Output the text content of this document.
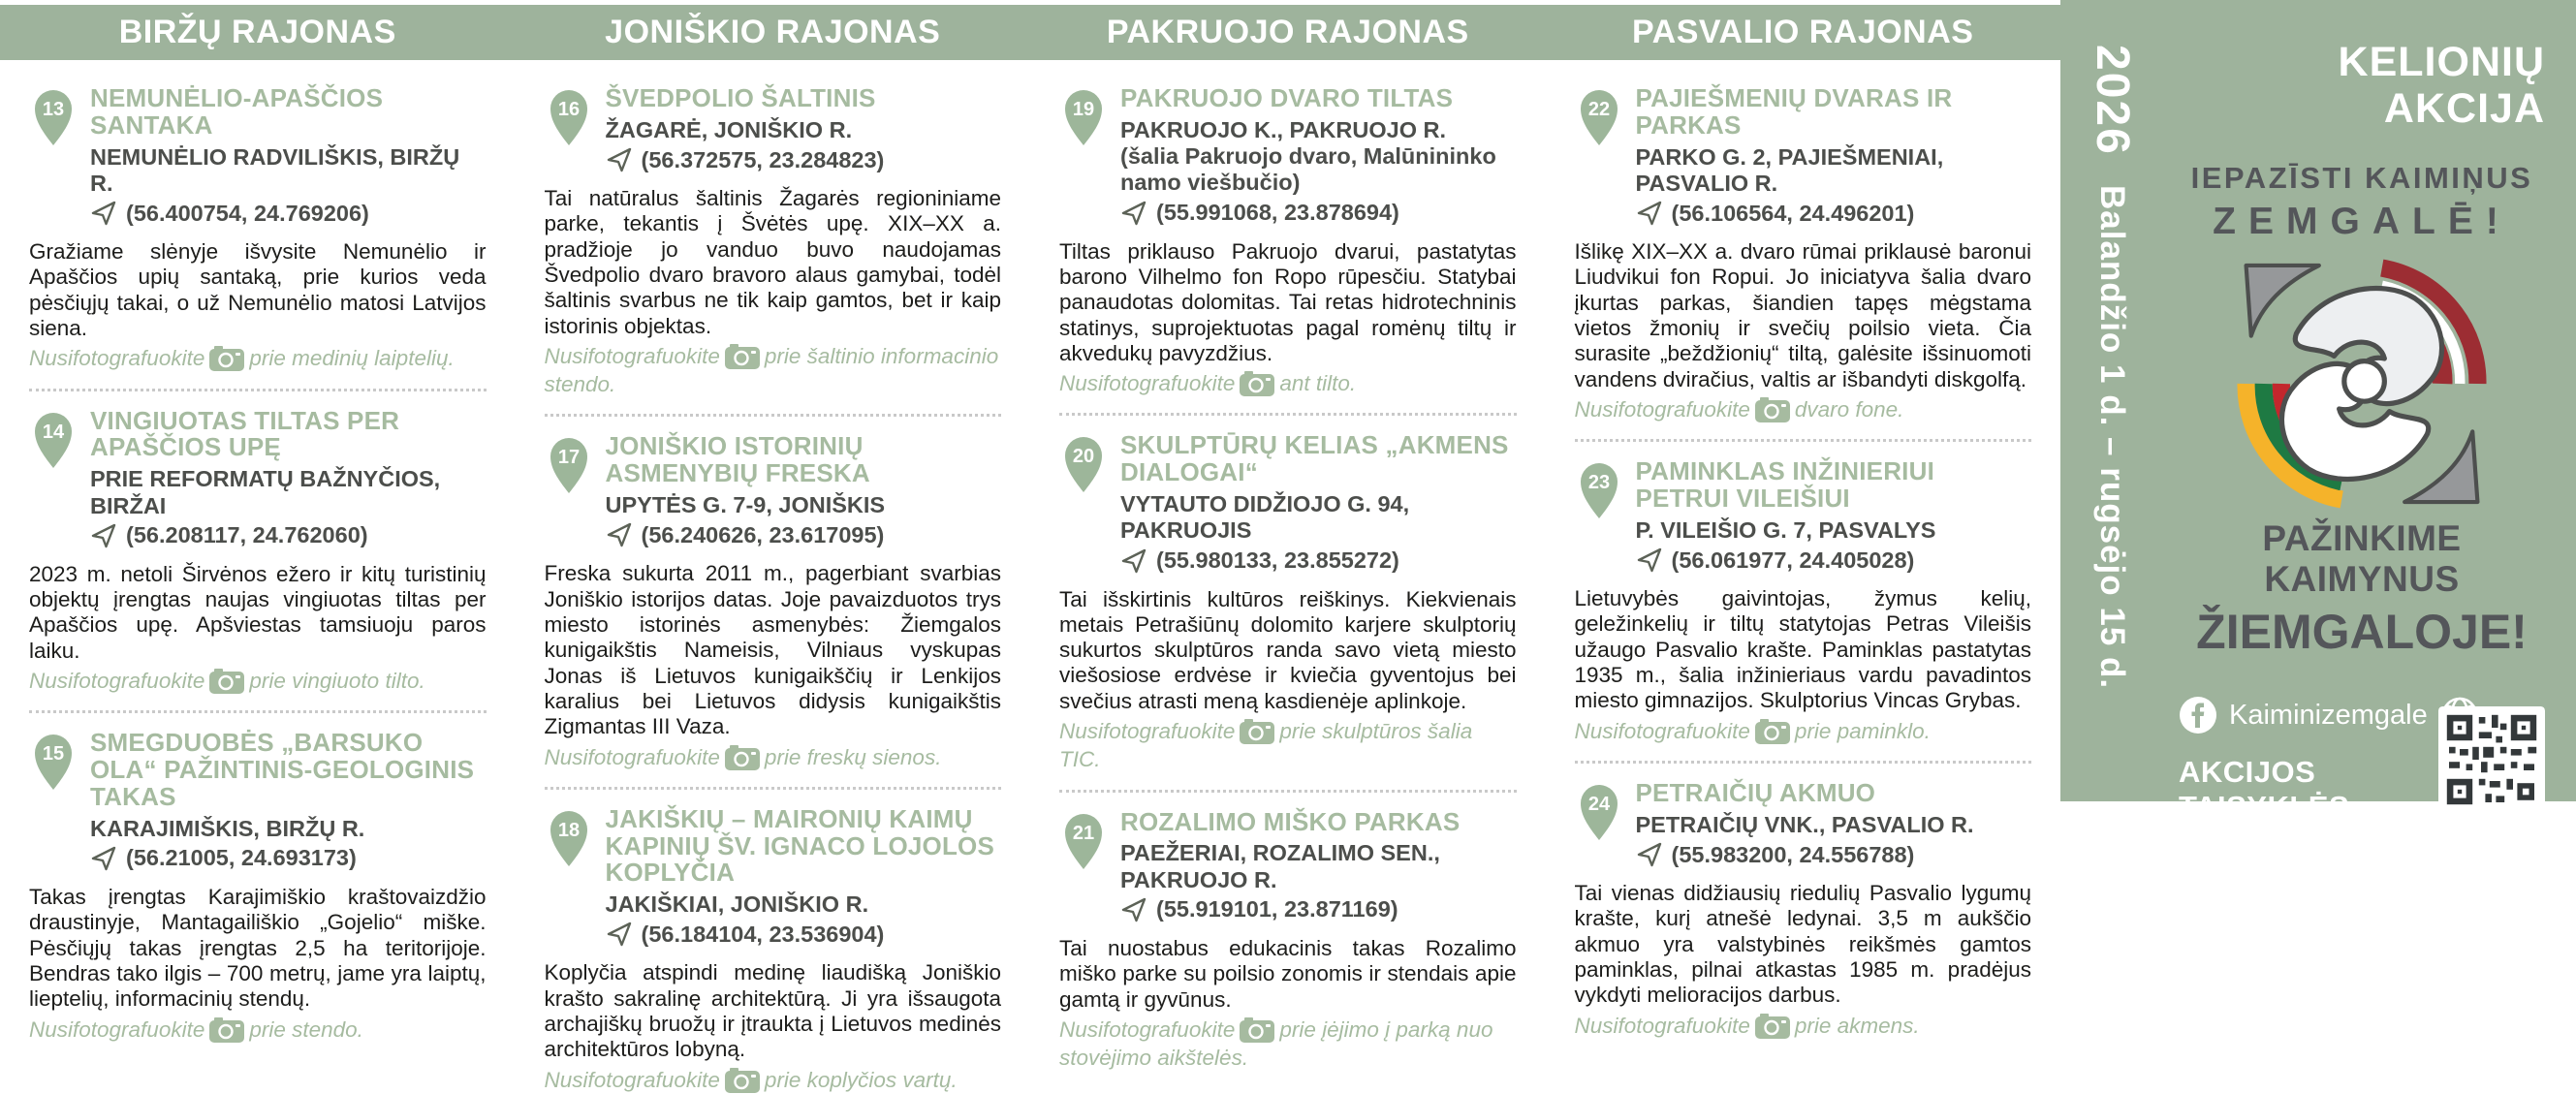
BIRŽŲ RAJONAS	JONIŠKIO RAJONAS	PAKRUOJO RAJONAS	PASVALIO RAJONAS
13 NEMUNĖLIO-APAŠČIOS SANTAKA
NEMUNĖLIO RADVILIŠKIS, BIRŽŲ R.
(56.400754, 24.769206)

Gražiame slėnyje išvysite Nemunėlio ir Apaščios upių santaką, prie kurios veda pėsčiųjų takai, o už Nemunėlio matosi Latvijos siena.

Nusifotografuokite prie medinių laiptelių.
14 VINGIUOTAS TILTAS PER APAŠČIOS UPĘ
PRIE REFORMATŲ BAŽNYČIOS, BIRŽAI
(56.208117, 24.762060)

2023 m. netoli Širvėnos ežero ir kitų turistinių objektų įrengtas naujas vingiuotas tiltas per Apaščios upę. Apšviestas tamsiuoju paros laiku.

Nusifotografuokite prie vingiuoto tilto.
15 SMEGDUOBĖS „BARSUKO OLA“ PAŽINTINIS-GEOLOGINIS TAKAS
KARAJIMIŠKIS, BIRŽŲ R.
(56.21005, 24.693173)

Takas įrengtas Karajimiškio kraštovaizdžio draustinyje, Mantagailiškio „Gojelio“ miške. Pėsčiųjų takas įrengtas 2,5 ha teritorijoje. Bendras tako ilgis – 700 metrų, jame yra laiptų, lieptelių, informacinių stendų.

Nusifotografuokite prie stendo.
16 ŠVEDPOLIO ŠALTINIS
ŽAGARĖ, JONIŠKIO R.
(56.372575, 23.284823)

Tai natūralus šaltinis Žagarės regioniniame parke, tekantis į Švėtės upę. XIX–XX a. pradžioje jo vanduo buvo naudojamas Švedpolio dvaro bravoro alaus gamybai, todėl šaltinis svarbus ne tik kaip gamtos, bet ir kaip istorinis objektas.

Nusifotografuokite prie šaltinio informacinio stendo.
17 JONIŠKIO ISTORINIŲ ASMENYBIŲ FRESKA
UPYTĖS G. 7-9, JONIŠKIS
(56.240626, 23.617095)

Freska sukurta 2011 m., pagerbiant svarbias Joniškio istorijos datas. Joje pavaizduotos trys miesto istorinės asmenybės: Žiemgalos kunigaikštis Nameisis, Vilniaus vyskupas Jonas iš Lietuvos kunigaikščių ir Lenkijos karalius bei Lietuvos didysis kunigaikštis Zigmantas III Vaza.

Nusifotografuokite prie freskų sienos.
18 JAKIŠKIŲ – MAIRONIŲ KAIMŲ KAPINIŲ ŠV. IGNACO LOJOLOS KOPLYČIA
JAKIŠKIAI, JONIŠKIO R.
(56.184104, 23.536904)

Koplyčia atspindi medinę liaudišką Joniškio krašto sakralinę architektūrą. Ji yra išsaugota archajiškų bruožų ir įtraukta į Lietuvos medinės architektūros lobyną.

Nusifotografuokite prie koplyčios vartų.
19 PAKRUOJO DVARO TILTAS
PAKRUOJO K., PAKRUOJO R.
(šalia Pakruojo dvaro, Malūnininko namo viešbučio)
(55.991068, 23.878694)

Tiltas priklauso Pakruojo dvarui, pastatytas barono Vilhelmo fon Ropo rūpesčiu. Statybai panaudotas dolomitas. Tai retas hidrotechninis statinys, suprojektuotas pagal romėnų tiltų ir akvedukų pavyzdžius.

Nusifotografuokite ant tilto.
20 SKULPTŪRŲ KELIAS „AKMENS DIALOGAI“
VYTAUTO DIDŽIOJO G. 94, PAKRUOJIS
(55.980133, 23.855272)

Tai išskirtinis kultūros reiškinys. Kiekvienais metais Petrašiūnų dolomito karjere skulptorių sukurtos skulptūros randa savo vietą miesto viešosiose erdvėse ir kviečia gyventojus bei svečius atrasti meną kasdienėje aplinkoje.

Nusifotografuokite prie skulptūros šalia TIC.
21 ROZALIMO MIŠKO PARKAS
PAEŽERIAI, ROZALIMO SEN., PAKRUOJO R.
(55.919101, 23.871169)

Tai nuostabus edukacinis takas Rozalimo miško parke su poilsio zonomis ir stendais apie gamtą ir gyvūnus.

Nusifotografuokite prie įėjimo į parką nuo stovėjimo aikštelės.
22 PAJIEŠMENIŲ DVARAS IR PARKAS
PARKO G. 2, PAJIEŠMENIAI, PASVALIO R.
(56.106564, 24.496201)

Išlikę XIX–XX a. dvaro rūmai priklausė baronui Liudvikui fon Ropui. Jo iniciatyva šalia dvaro įkurtas parkas, šiandien tapęs mėgstama vietos žmonių ir svečių poilsio vieta. Čia surasite „beždžionių“ tiltą, galėsite išsinuomoti vandens dviračius, valtis ar išbandyti diskgolfą.

Nusifotografuokite dvaro fone.
23 PAMINKLAS INŽINIERIUI PETRUI VILEIŠIUI
P. VILEIŠIO G. 7, PASVALYS
(56.061977, 24.405028)

Lietuvybės gaivintojas, žymus kelių, geležinkelių ir tiltų statytojas Petras Vileišis užaugo Pasvalio krašte. Paminklas pastatytas 1935 m., šalia inžinieriaus vardu pavadintos miesto gimnazijos. Skulptorius Vincas Grybas.

Nusifotografuokite prie paminklo.
24 PETRAIČIŲ AKMUO
PETRAIČIŲ VNK., PASVALIO R.
(55.983200, 24.556788)

Tai vienas didžiausių riedulių Pasvalio lygumų krašte, kurį atnešė ledynai. 3,5 m aukščio akmuo yra valstybinės reikšmės gamtos paminklas, pilnai atkastas 1985 m. pradėjus vykdyti melioracijos darbus.

Nusifotografuokite prie akmens.
2026 Balandžio 1 d. – rugsėjo 15 d.
KELIONIŲ
AKCIJA
IEPAZĪSTI KAIMIŅUS
ZEMGALĒ!
PAŽINKIME KAIMYNUS
ŽIEMGALOJE!
Kaiminizemgale
AKCIJOS TAISYKLĖS
